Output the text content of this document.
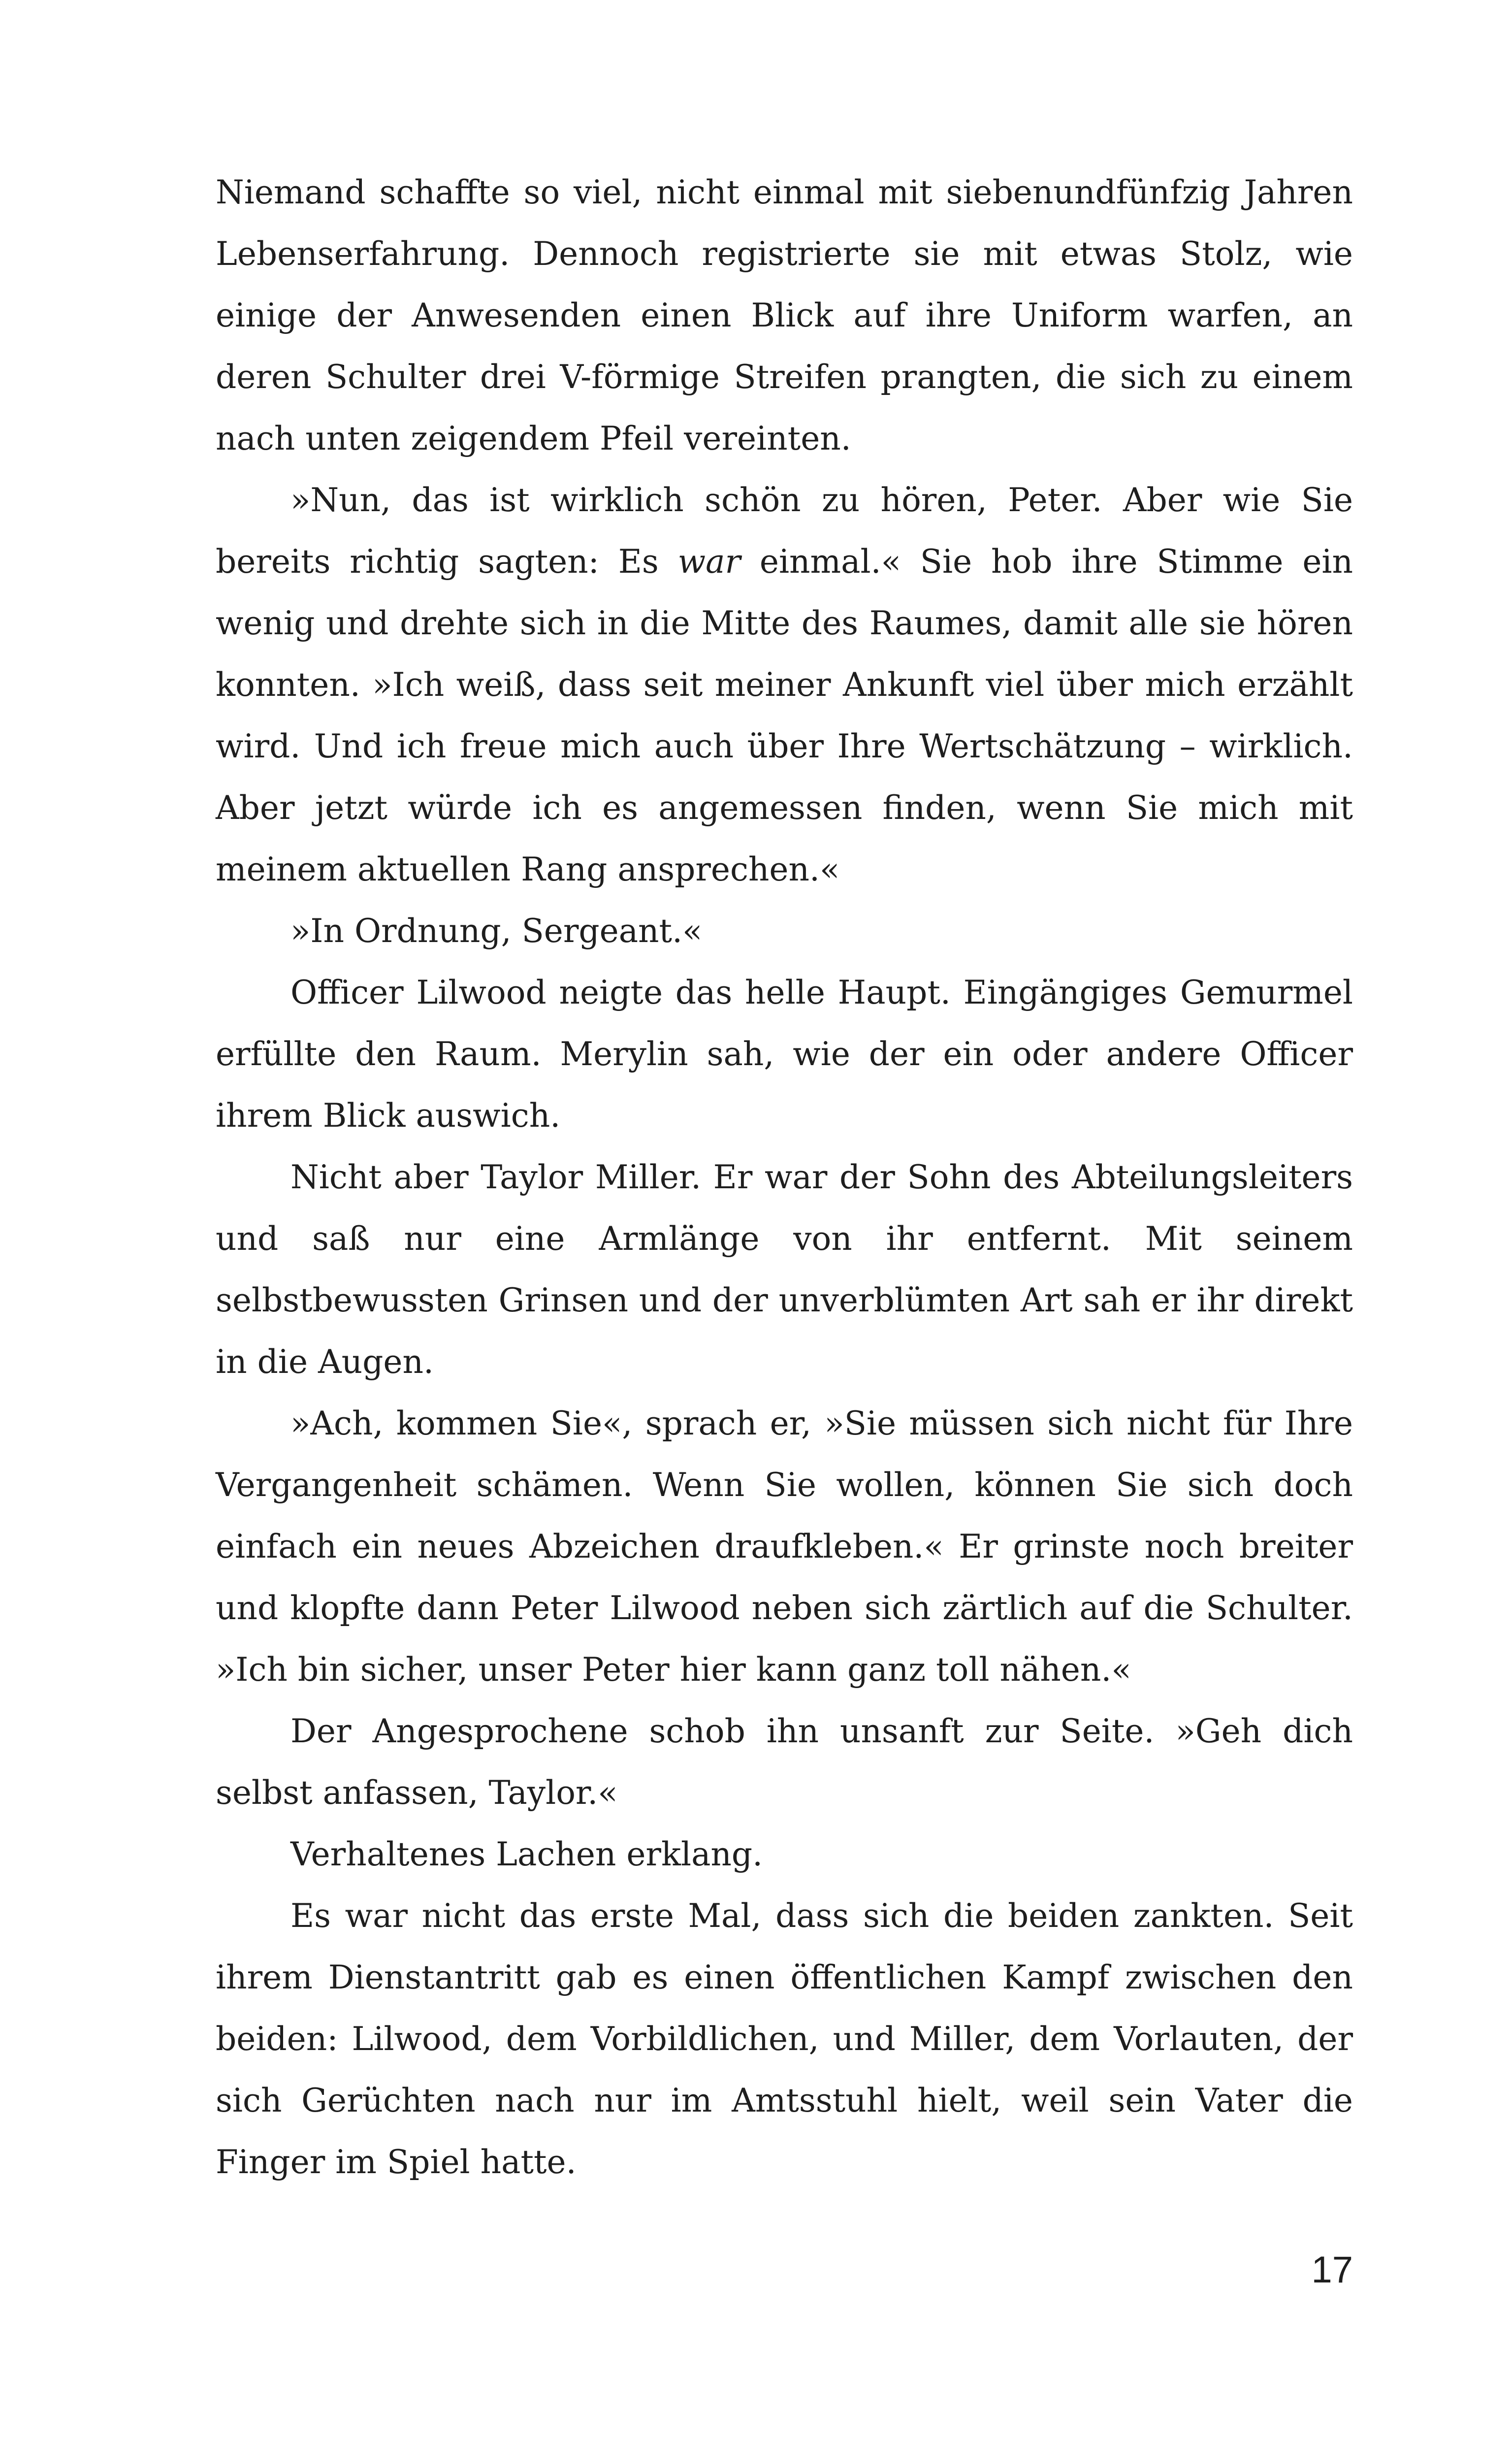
Niemand schaffte so viel, nicht einmal mit siebenundfünfzig Jahren Lebenserfahrung. Dennoch registrierte sie mit etwas Stolz, wie einige der Anwesenden einen Blick auf ihre Uniform warfen, an deren Schulter drei V-förmige Streifen prangten, die sich zu einem nach unten zeigendem Pfeil vereinten.

»Nun, das ist wirklich schön zu hören, Peter. Aber wie Sie bereits richtig sagten: Es war einmal.« Sie hob ihre Stimme ein wenig und drehte sich in die Mitte des Raumes, damit alle sie hören konnten. »Ich weiß, dass seit meiner Ankunft viel über mich erzählt wird. Und ich freue mich auch über Ihre Wertschätzung – wirklich. Aber jetzt würde ich es angemessen finden, wenn Sie mich mit meinem aktuellen Rang ansprechen.«

»In Ordnung, Sergeant.«

Officer Lilwood neigte das helle Haupt. Eingängiges Gemurmel erfüllte den Raum. Merylin sah, wie der ein oder andere Officer ihrem Blick auswich.

Nicht aber Taylor Miller. Er war der Sohn des Abteilungsleiters und saß nur eine Armlänge von ihr entfernt. Mit seinem selbstbewussten Grinsen und der unverblümten Art sah er ihr direkt in die Augen.

»Ach, kommen Sie«, sprach er, »Sie müssen sich nicht für Ihre Vergangenheit schämen. Wenn Sie wollen, können Sie sich doch einfach ein neues Abzeichen draufkleben.« Er grinste noch breiter und klopfte dann Peter Lilwood neben sich zärtlich auf die Schulter. »Ich bin sicher, unser Peter hier kann ganz toll nähen.«

Der Angesprochene schob ihn unsanft zur Seite. »Geh dich selbst anfassen, Taylor.«

Verhaltenes Lachen erklang.

Es war nicht das erste Mal, dass sich die beiden zankten. Seit ihrem Dienstantritt gab es einen öffentlichen Kampf zwischen den beiden: Lilwood, dem Vorbildlichen, und Miller, dem Vorlauten, der sich Gerüchten nach nur im Amtsstuhl hielt, weil sein Vater die Finger im Spiel hatte.

17
